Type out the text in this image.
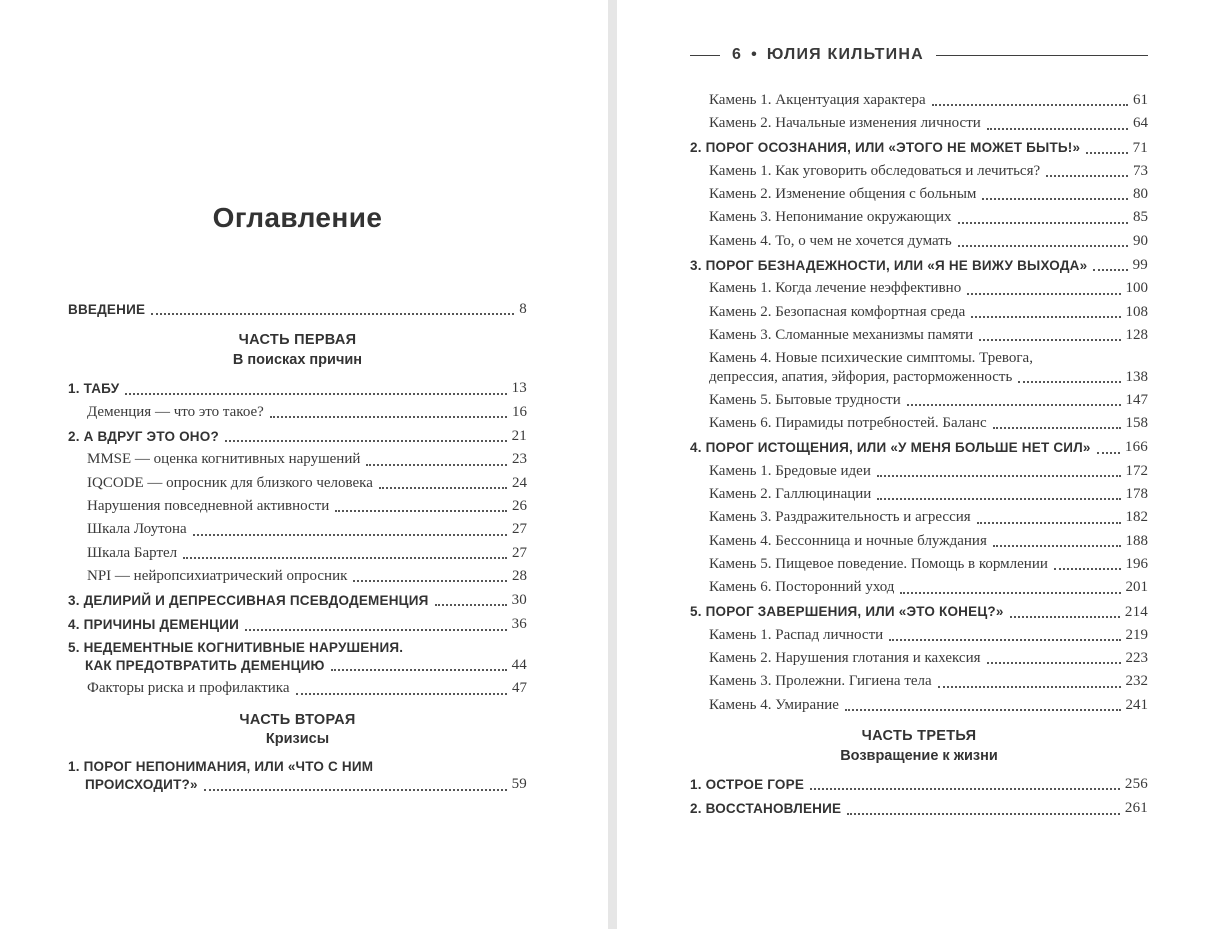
Оглавление
ВВЕДЕНИЕ	8
ЧАСТЬ ПЕРВАЯ
В поисках причин
1. ТАБУ	13
Деменция — что это такое?	16
2. А ВДРУГ ЭТО ОНО?	21
MMSE — оценка когнитивных нарушений	23
IQCODE — опросник для близкого человека	24
Нарушения повседневной активности	26
Шкала Лоутона	27
Шкала Бартел	27
NPI — нейропсихиатрический опросник	28
3. ДЕЛИРИЙ И ДЕПРЕССИВНАЯ ПСЕВДОДЕМЕНЦИЯ	30
4. ПРИЧИНЫ ДЕМЕНЦИИ	36
5. НЕДЕМЕНТНЫЕ КОГНИТИВНЫЕ НАРУШЕНИЯ.
КАК ПРЕДОТВРАТИТЬ ДЕМЕНЦИЮ	44
Факторы риска и профилактика	47
ЧАСТЬ ВТОРАЯ
Кризисы
1. ПОРОГ НЕПОНИМАНИЯ, ИЛИ «ЧТО С НИМ
ПРОИСХОДИТ?»	59
6 • ЮЛИЯ КИЛЬТИНА
Камень 1. Акцентуация характера	61
Камень 2. Начальные изменения личности	64
2. ПОРОГ ОСОЗНАНИЯ, ИЛИ «ЭТОГО НЕ МОЖЕТ БЫТЬ!»	71
Камень 1. Как уговорить обследоваться и лечиться?	73
Камень 2. Изменение общения с больным	80
Камень 3. Непонимание окружающих	85
Камень 4. То, о чем не хочется думать	90
3. ПОРОГ БЕЗНАДЕЖНОСТИ, ИЛИ «Я НЕ ВИЖУ ВЫХОДА»	99
Камень 1. Когда лечение неэффективно	100
Камень 2. Безопасная комфортная среда	108
Камень 3. Сломанные механизмы памяти	128
Камень 4. Новые психические симптомы. Тревога,
депрессия, апатия, эйфория, расторможенность	138
Камень 5. Бытовые трудности	147
Камень 6. Пирамиды потребностей. Баланс	158
4. ПОРОГ ИСТОЩЕНИЯ, ИЛИ «У МЕНЯ БОЛЬШЕ НЕТ СИЛ» 166
Камень 1. Бредовые идеи	172
Камень 2. Галлюцинации	178
Камень 3. Раздражительность и агрессия	182
Камень 4. Бессонница и ночные блуждания	188
Камень 5. Пищевое поведение. Помощь в кормлении	196
Камень 6. Посторонний уход	201
5. ПОРОГ ЗАВЕРШЕНИЯ, ИЛИ «ЭТО КОНЕЦ?»	214
Камень 1. Распад личности	219
Камень 2. Нарушения глотания и кахексия	223
Камень 3. Пролежни. Гигиена тела	232
Камень 4. Умирание	241
ЧАСТЬ ТРЕТЬЯ
Возвращение к жизни
1. ОСТРОЕ ГОРЕ	256
2. ВОССТАНОВЛЕНИЕ	261
